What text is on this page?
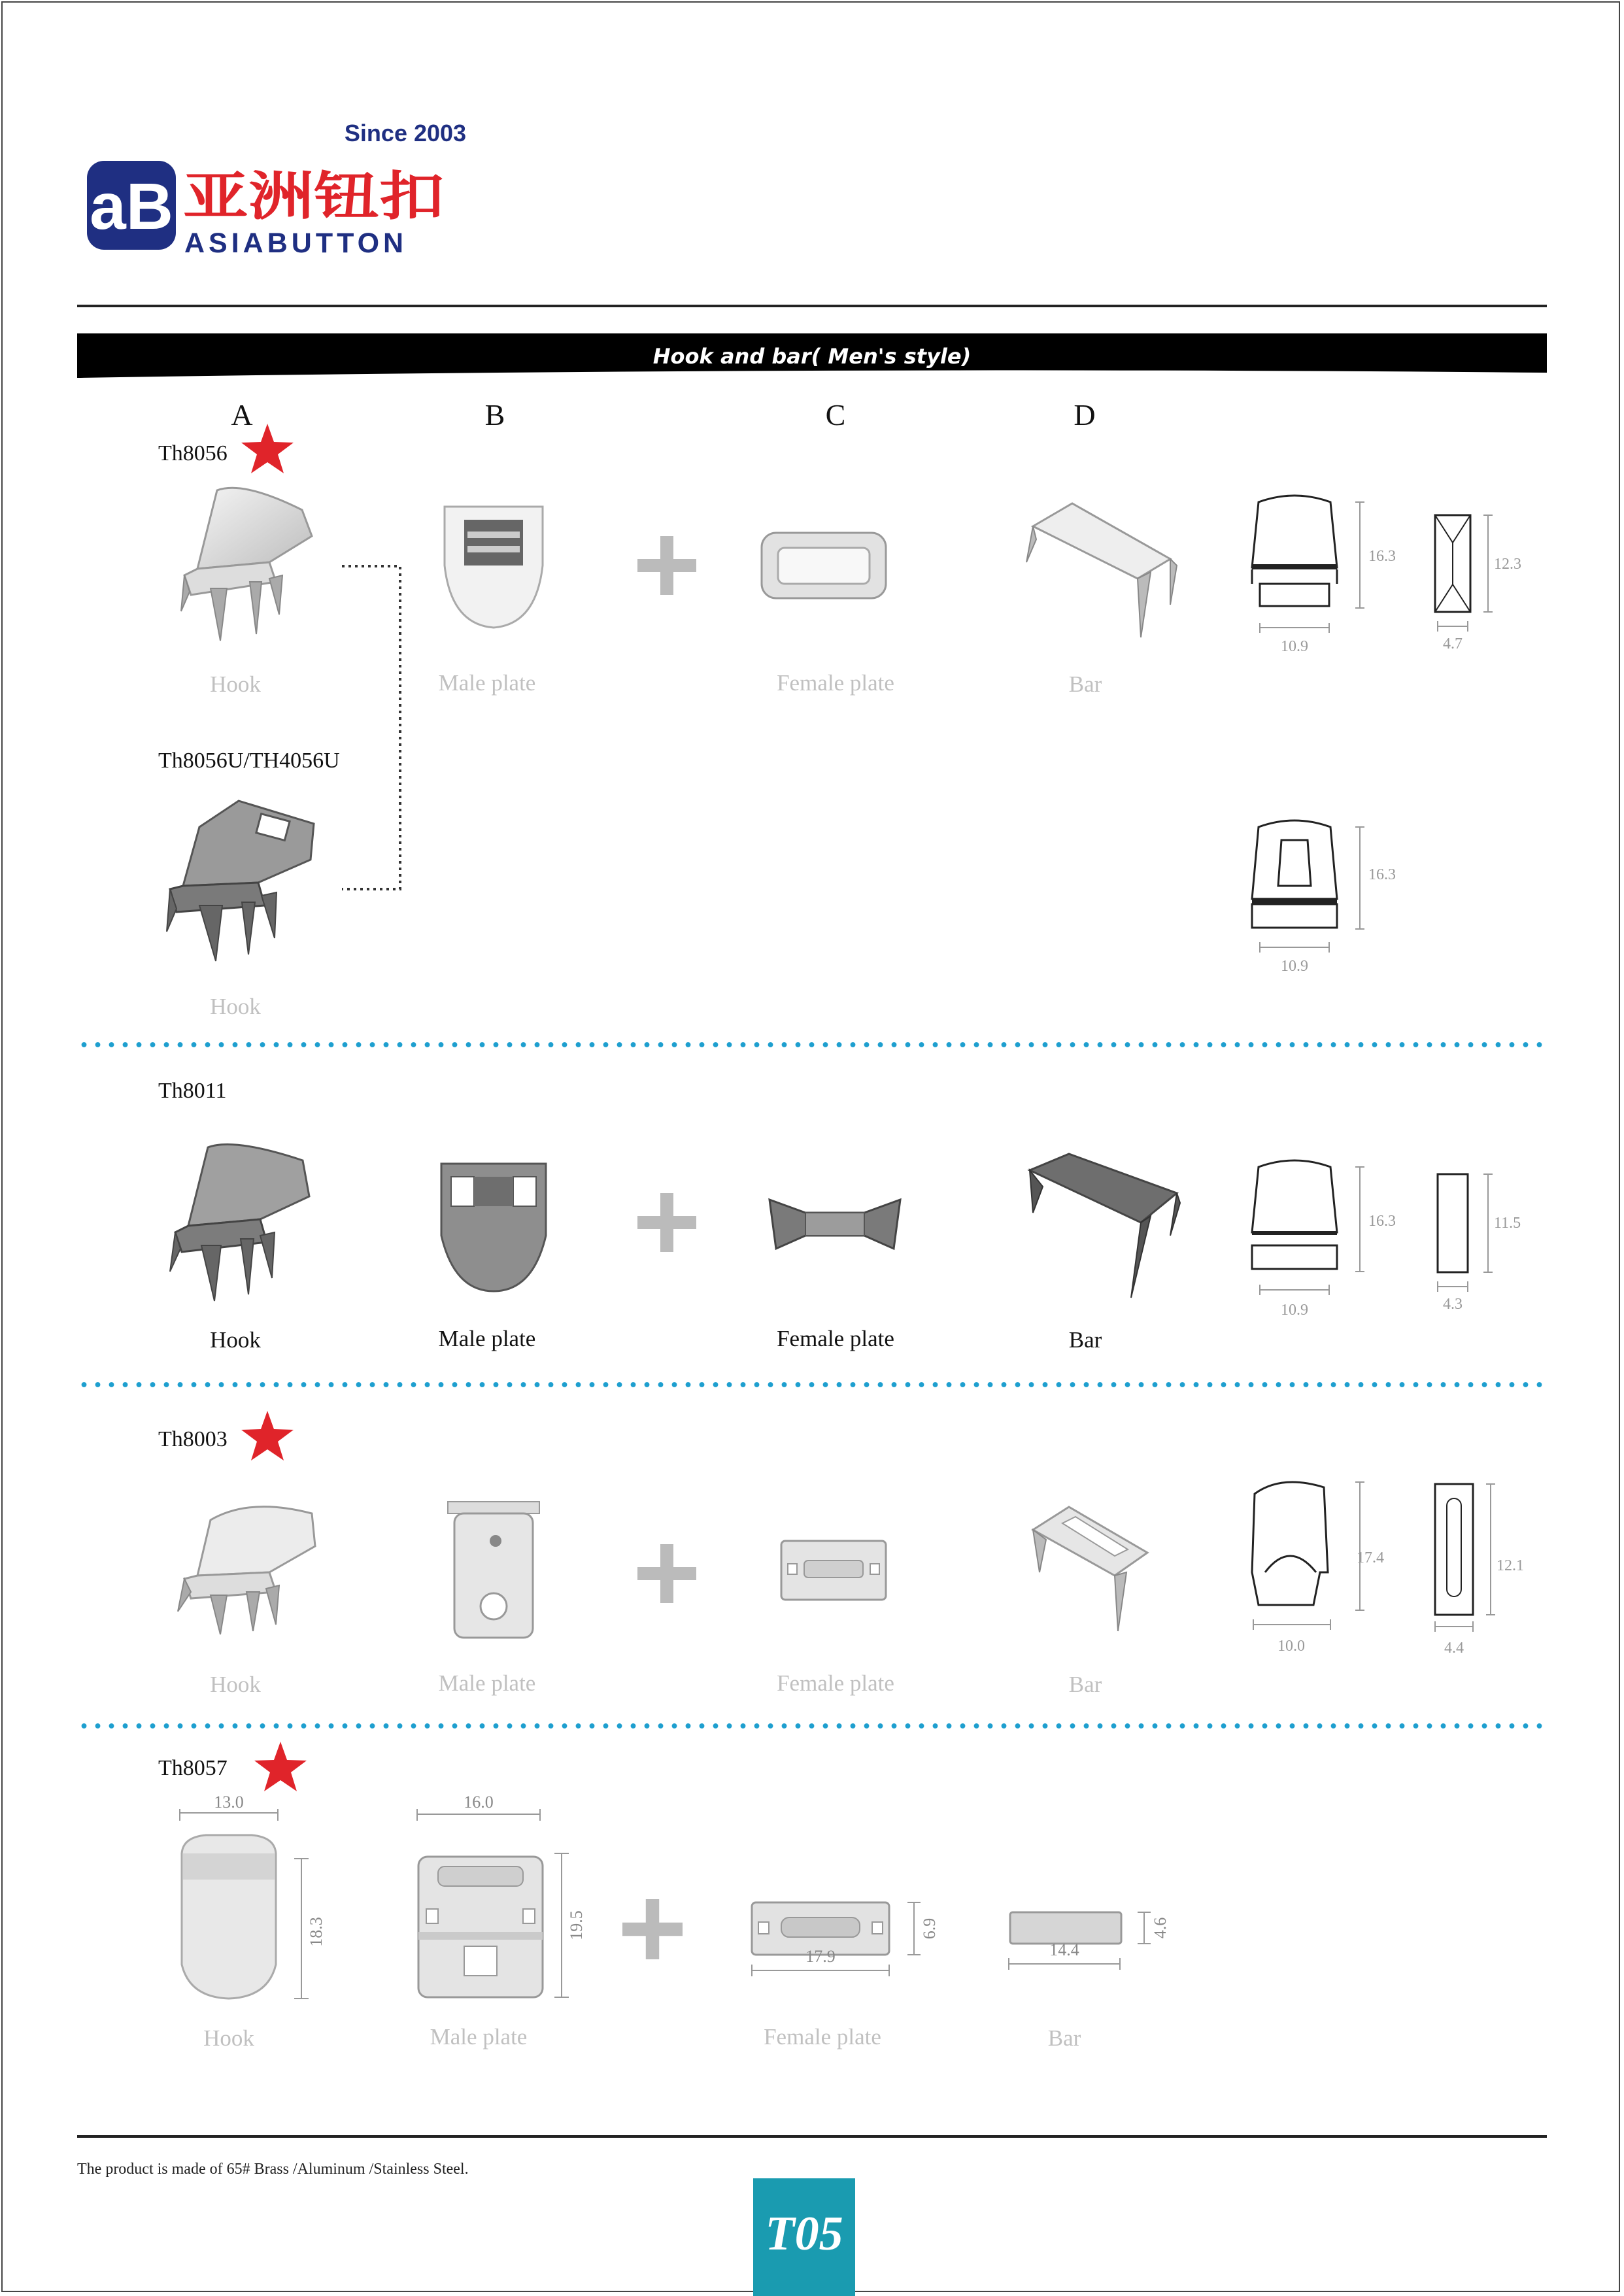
aB
Since 2003
亚洲钮扣
ASIABUTTON
Hook and bar( Men's style)
A	B	C	D
Th8056
16.3
10.9
12.3
4.7
Hook	Male plate	Female plate	Bar
Th8056U/TH4056U
16.3
10.9
Hook
Th8011
16.3
10.9
11.5
4.3
Hook	Male plate	Female plate	Bar
Th8003
17.4
10.0
12.1
4.4
Hook	Male plate	Female plate	Bar
Th8057
13.0
18.3
16.0
19.5	6.9
17.9
4.6
14.4
Hook	Male plate	Female plate	Bar
The product is made of 65# Brass /Aluminum /Stainless Steel.
T05
